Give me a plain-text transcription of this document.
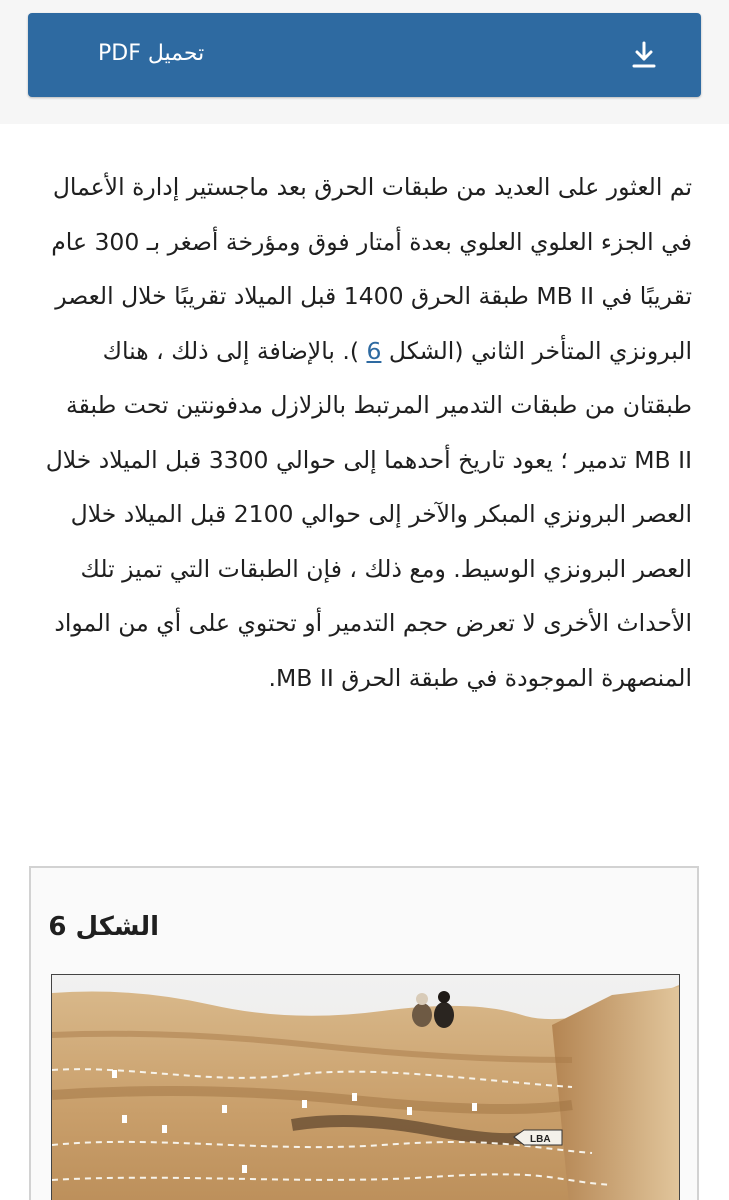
تحميل PDF

تم العثور على العديد من طبقات الحرق بعد ماجستير إدارة الأعمال في الجزء العلوي العلوي بعدة أمتار فوق ومؤرخة أصغر بـ 300 عام تقريبًا في MB II طبقة الحرق 1400 قبل الميلاد تقريبًا خلال العصر البرونزي المتأخر الثاني (الشكل 6 ). بالإضافة إلى ذلك ، هناك طبقتان من طبقات التدمير المرتبط بالزلازل مدفونتين تحت طبقة MB II تدمير ؛ يعود تاريخ أحدهما إلى حوالي 3300 قبل الميلاد خلال العصر البرونزي المبكر والآخر إلى حوالي 2100 قبل الميلاد خلال العصر البرونزي الوسيط. ومع ذلك ، فإن الطبقات التي تميز تلك الأحداث الأخرى لا تعرض حجم التدمير أو تحتوي على أي من المواد المنصهرة الموجودة في طبقة الحرق MB II.

الشكل 6
LBA
